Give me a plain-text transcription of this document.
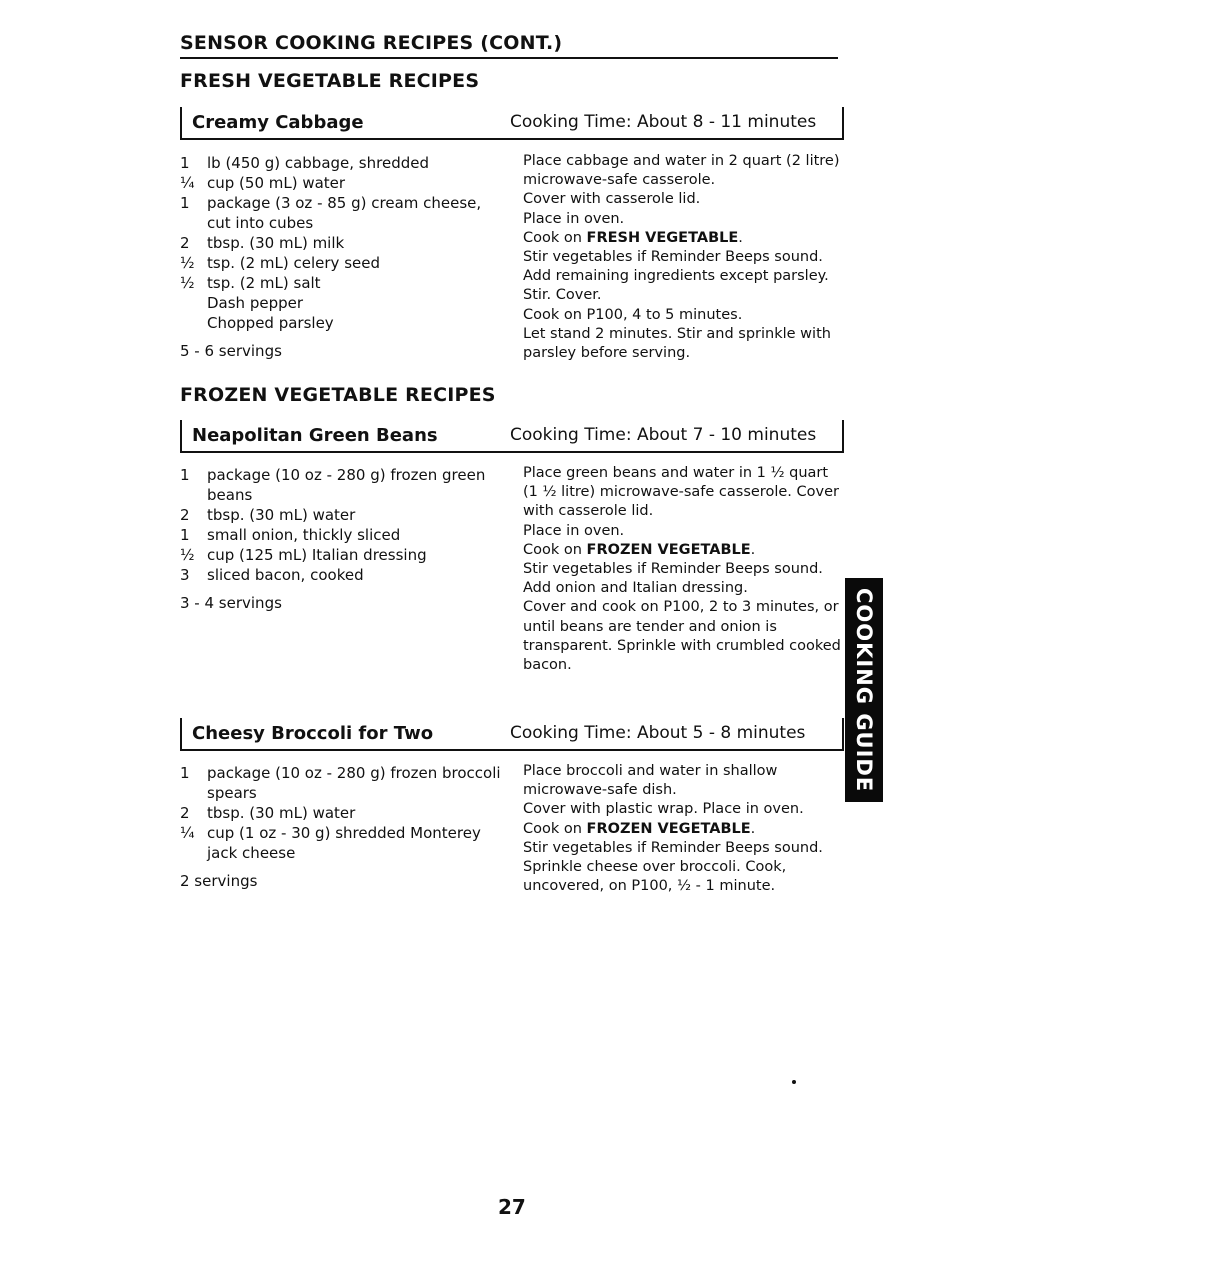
SENSOR COOKING RECIPES (CONT.)
FRESH VEGETABLE RECIPES
Creamy Cabbage	Cooking Time: About 8 - 11 minutes
1	lb (450 g) cabbage, shredded
¼ cup (50 mL) water
1	package (3 oz - 85 g) cream cheese, cut into cubes
2	tbsp. (30 mL) milk
½ tsp. (2 mL) celery seed
½ tsp. (2 mL) salt
Dash pepper
Chopped parsley
5 - 6 servings
Place cabbage and water in 2 quart (2 litre) microwave-safe casserole.
Cover with casserole lid.
Place in oven.
Cook on FRESH VEGETABLE.
Stir vegetables if Reminder Beeps sound.
Add remaining ingredients except parsley. Stir. Cover.
Cook on P100, 4 to 5 minutes.
Let stand 2 minutes. Stir and sprinkle with parsley before serving.
FROZEN VEGETABLE RECIPES
Neapolitan Green Beans	Cooking Time: About 7 - 10 minutes
1	package (10 oz - 280 g) frozen green beans
2	tbsp. (30 mL) water
1	small onion, thickly sliced
½ cup (125 mL) Italian dressing
3	sliced bacon, cooked
3 - 4 servings
Place green beans and water in 1 ½ quart (1 ½ litre) microwave-safe casserole. Cover with casserole lid.
Place in oven.
Cook on FROZEN VEGETABLE.
Stir vegetables if Reminder Beeps sound.
Add onion and Italian dressing.
Cover and cook on P100, 2 to 3 minutes, or until beans are tender and onion is transparent. Sprinkle with crumbled cooked bacon.
Cheesy Broccoli for Two	Cooking Time: About 5 - 8 minutes
1	package (10 oz - 280 g) frozen broccoli spears
2	tbsp. (30 mL) water
¼ cup (1 oz - 30 g) shredded Monterey jack cheese
2 servings
Place broccoli and water in shallow microwave-safe dish.
Cover with plastic wrap. Place in oven.
Cook on FROZEN VEGETABLE.
Stir vegetables if Reminder Beeps sound.
Sprinkle cheese over broccoli. Cook, uncovered, on P100, ½ - 1 minute.
COOKING GUIDE
27
